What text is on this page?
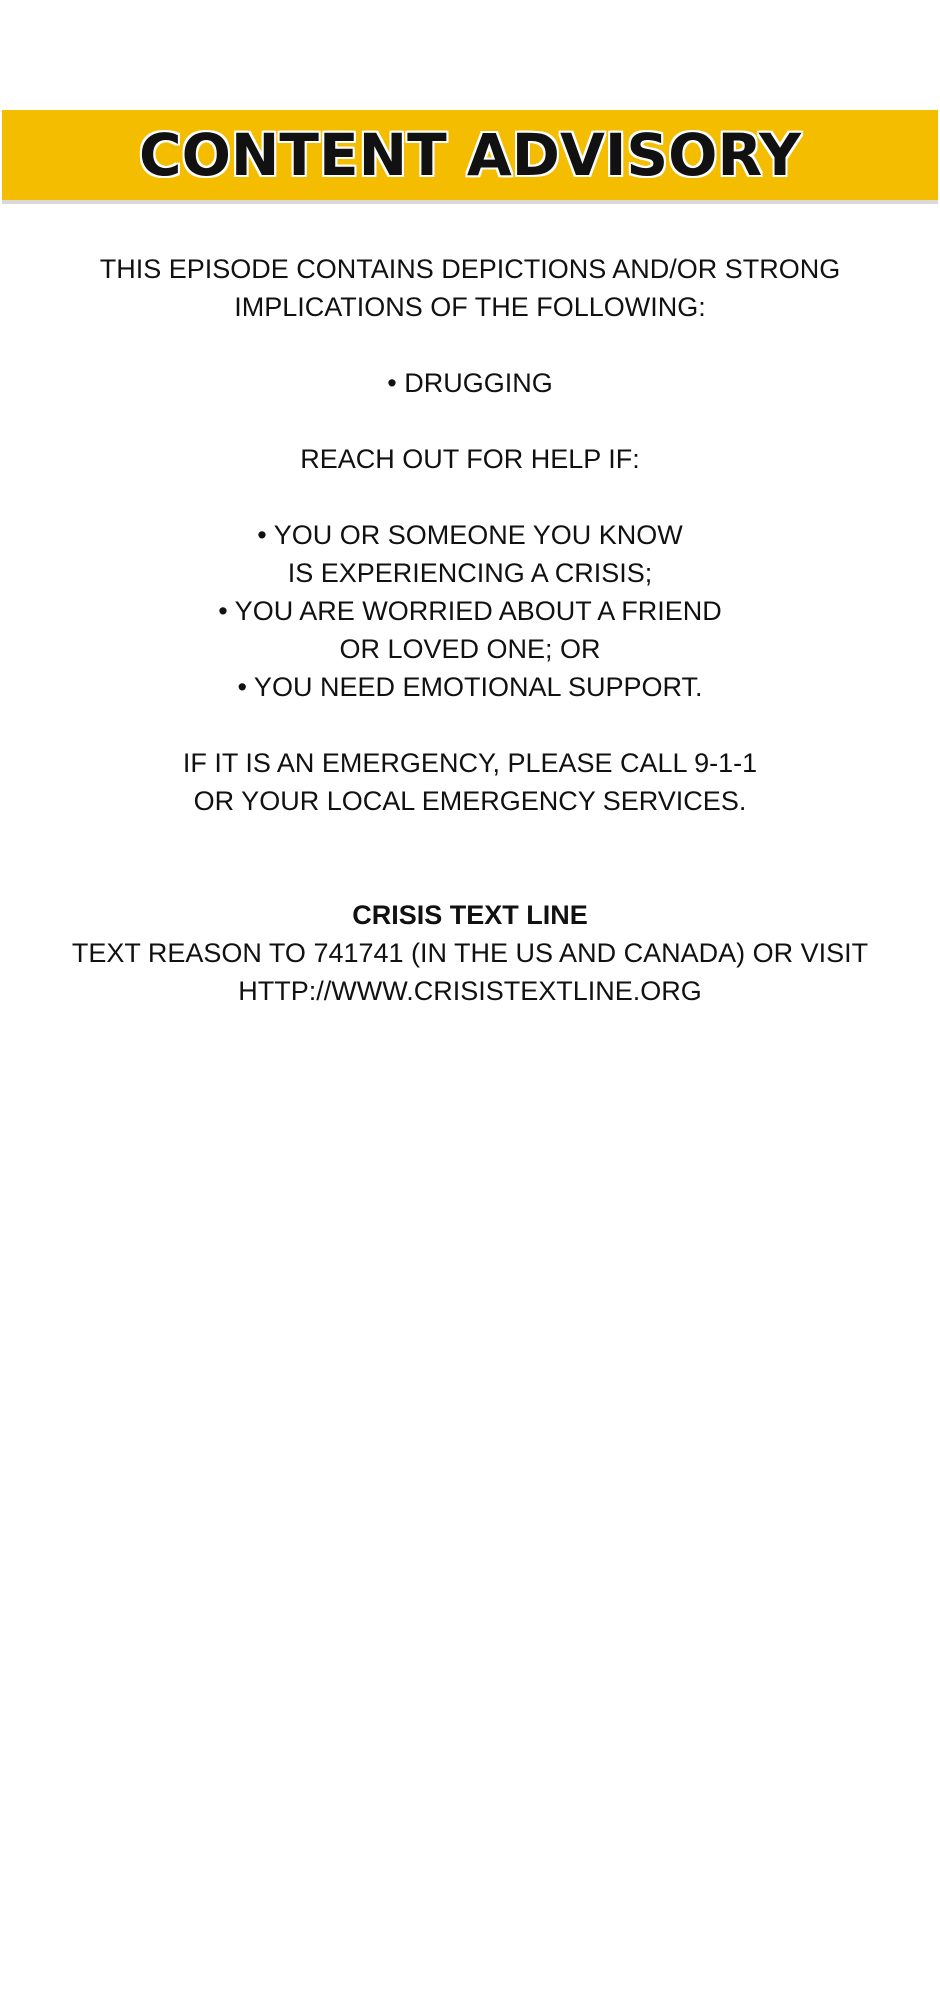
CONTENT ADVISORY
THIS EPISODE CONTAINS DEPICTIONS AND/OR STRONG
IMPLICATIONS OF THE FOLLOWING:
• DRUGGING
REACH OUT FOR HELP IF:
• YOU OR SOMEONE YOU KNOW
IS EXPERIENCING A CRISIS;
• YOU ARE WORRIED ABOUT A FRIEND
OR LOVED ONE; OR
• YOU NEED EMOTIONAL SUPPORT.
IF IT IS AN EMERGENCY, PLEASE CALL 9-1-1
OR YOUR LOCAL EMERGENCY SERVICES.
CRISIS TEXT LINE
TEXT REASON TO 741741 (IN THE US AND CANADA) OR VISIT
HTTP://WWW.CRISISTEXTLINE.ORG
